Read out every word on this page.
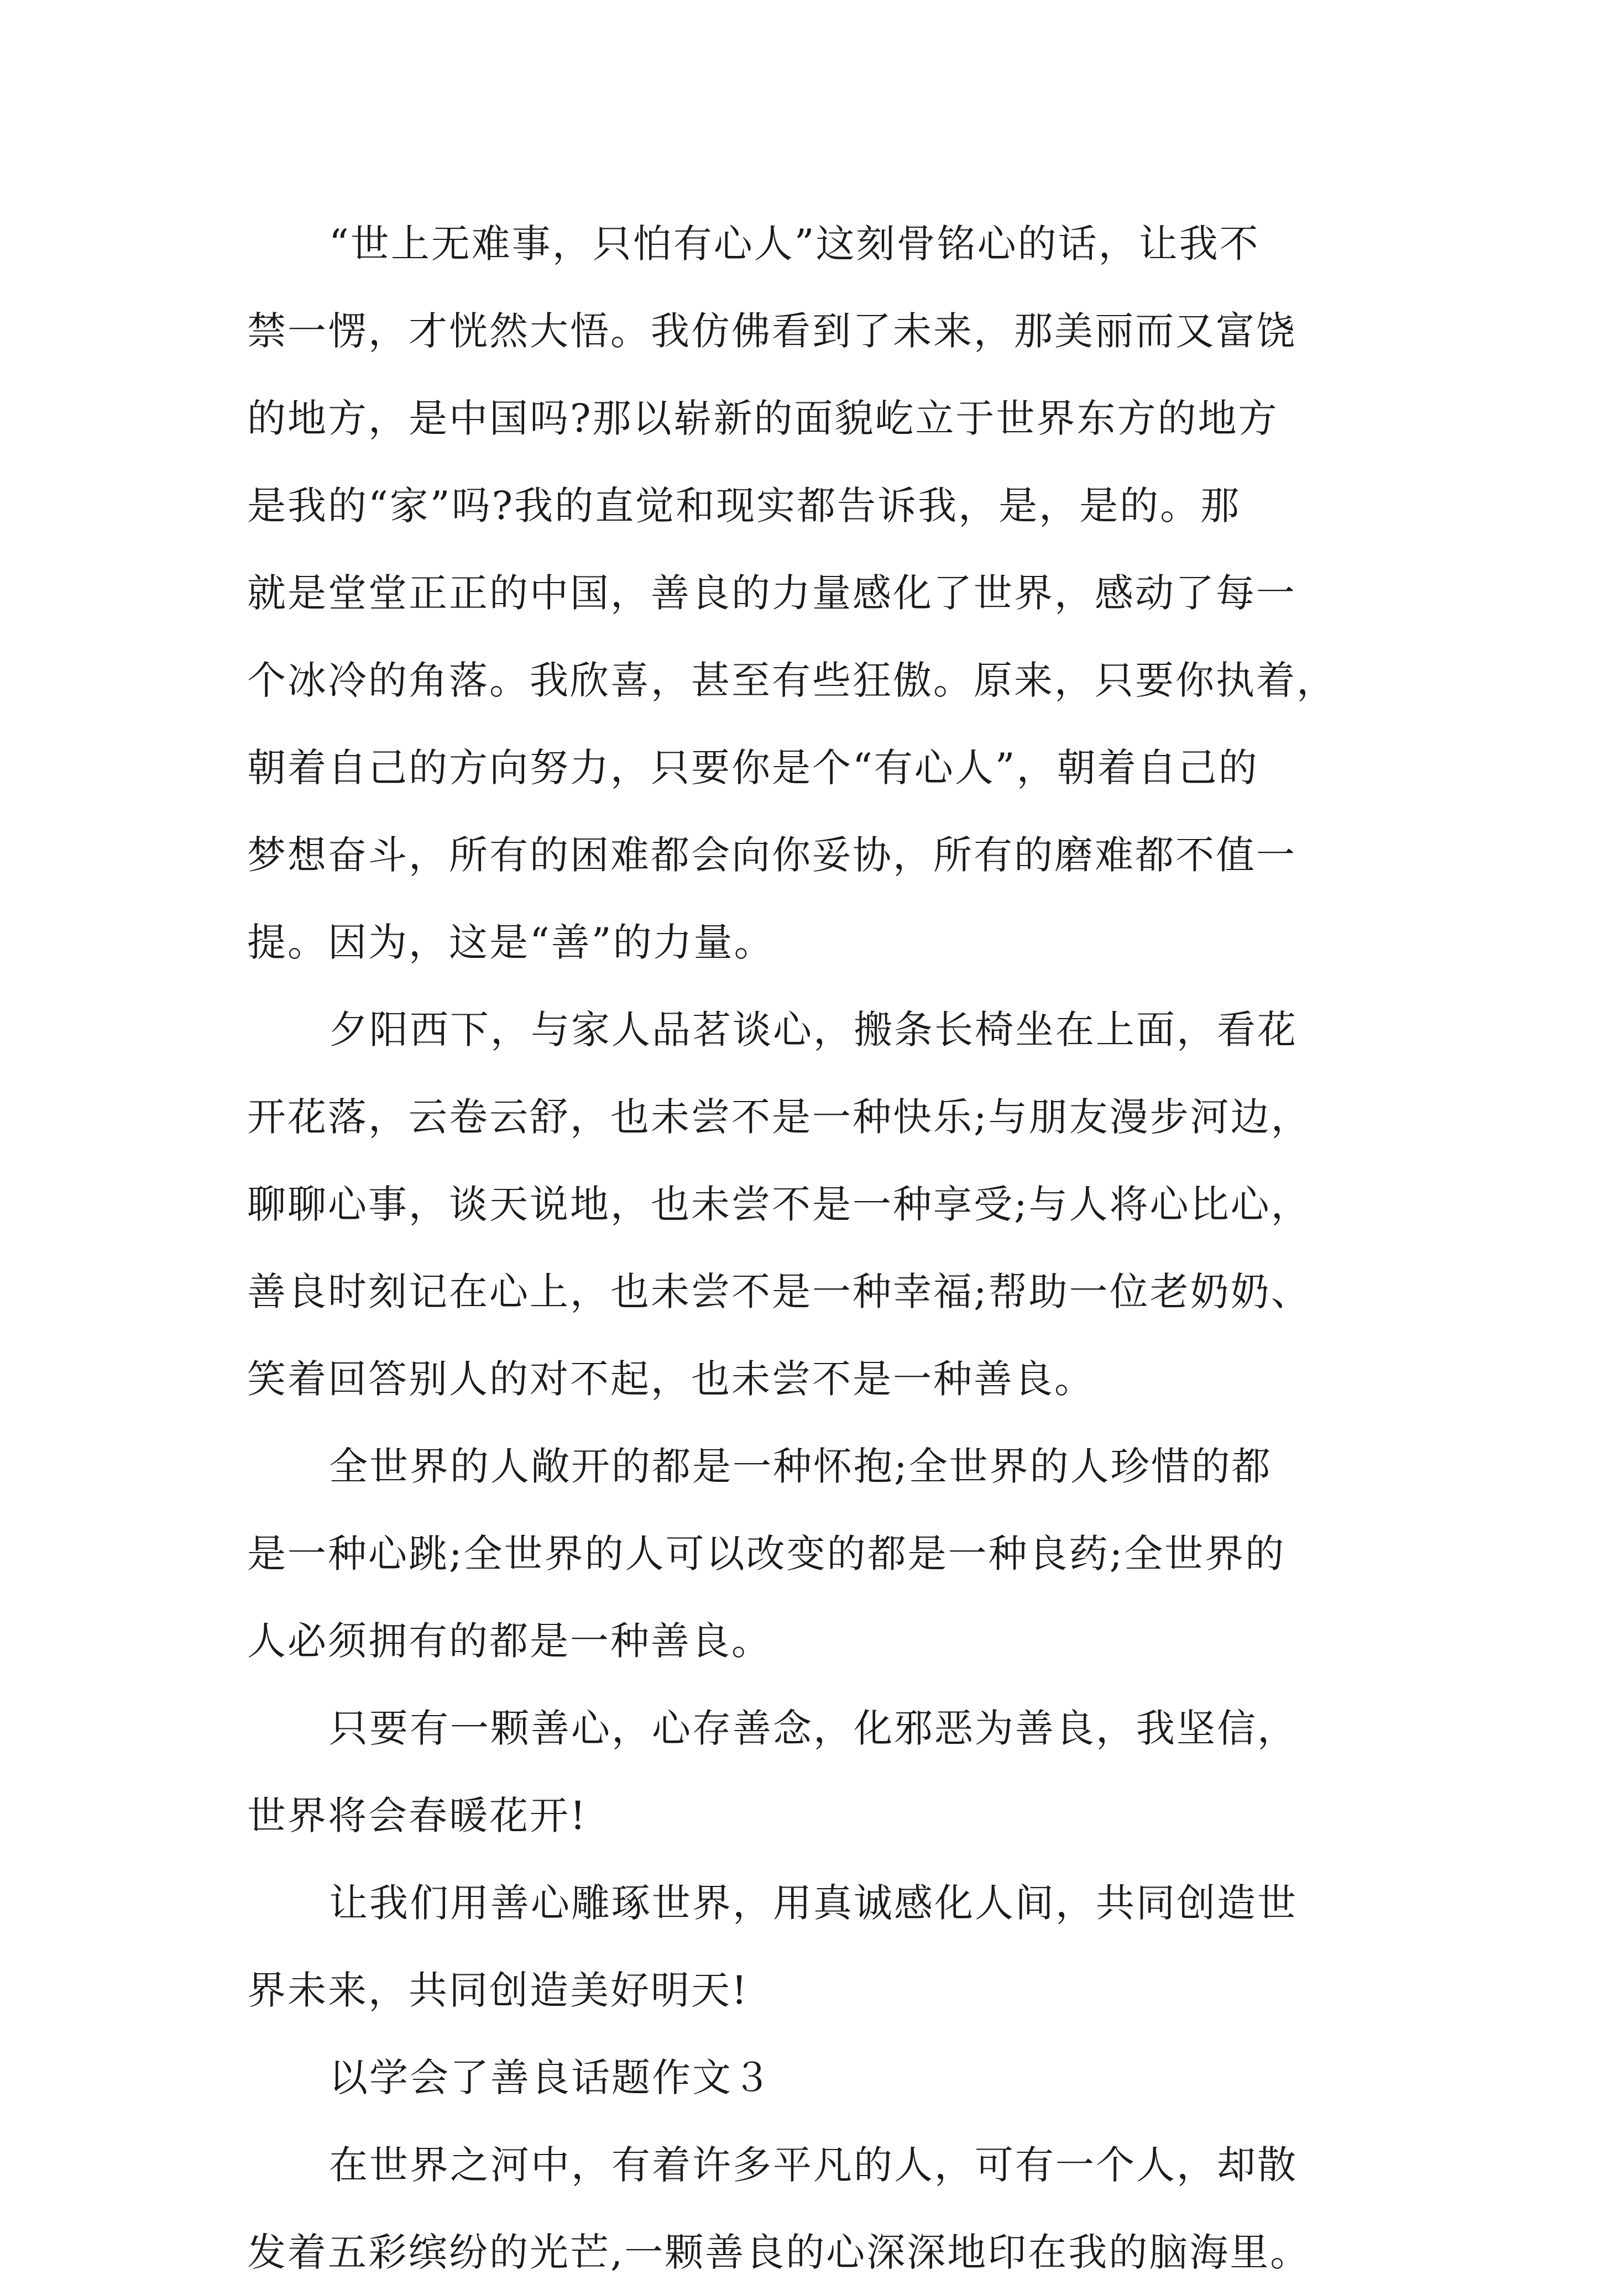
“世上无难事，只怕有心人”这刻骨铭心的话，让我不
禁一愣，才恍然大悟。我仿佛看到了未来，那美丽而又富饶
的地方，是中国吗?那以崭新的面貌屹立于世界东方的地方
是我的“家”吗?我的直觉和现实都告诉我，是，是的。那
就是堂堂正正的中国，善良的力量感化了世界，感动了每一
个冰冷的角落。我欣喜，甚至有些狂傲。原来，只要你执着，
朝着自己的方向努力，只要你是个“有心人”，朝着自己的
梦想奋斗，所有的困难都会向你妥协，所有的磨难都不值一
提。因为，这是“善”的力量。
夕阳西下，与家人品茗谈心，搬条长椅坐在上面，看花
开花落，云卷云舒，也未尝不是一种快乐;与朋友漫步河边，
聊聊心事，谈天说地，也未尝不是一种享受;与人将心比心，
善良时刻记在心上，也未尝不是一种幸福;帮助一位老奶奶、
笑着回答别人的对不起，也未尝不是一种善良。
全世界的人敞开的都是一种怀抱;全世界的人珍惜的都
是一种心跳;全世界的人可以改变的都是一种良药;全世界的
人必须拥有的都是一种善良。
只要有一颗善心，心存善念，化邪恶为善良，我坚信，
世界将会春暖花开!
让我们用善心雕琢世界，用真诚感化人间，共同创造世
界未来，共同创造美好明天!
以学会了善良话题作文３
在世界之河中，有着许多平凡的人，可有一个人，却散
发着五彩缤纷的光芒,一颗善良的心深深地印在我的脑海里。
